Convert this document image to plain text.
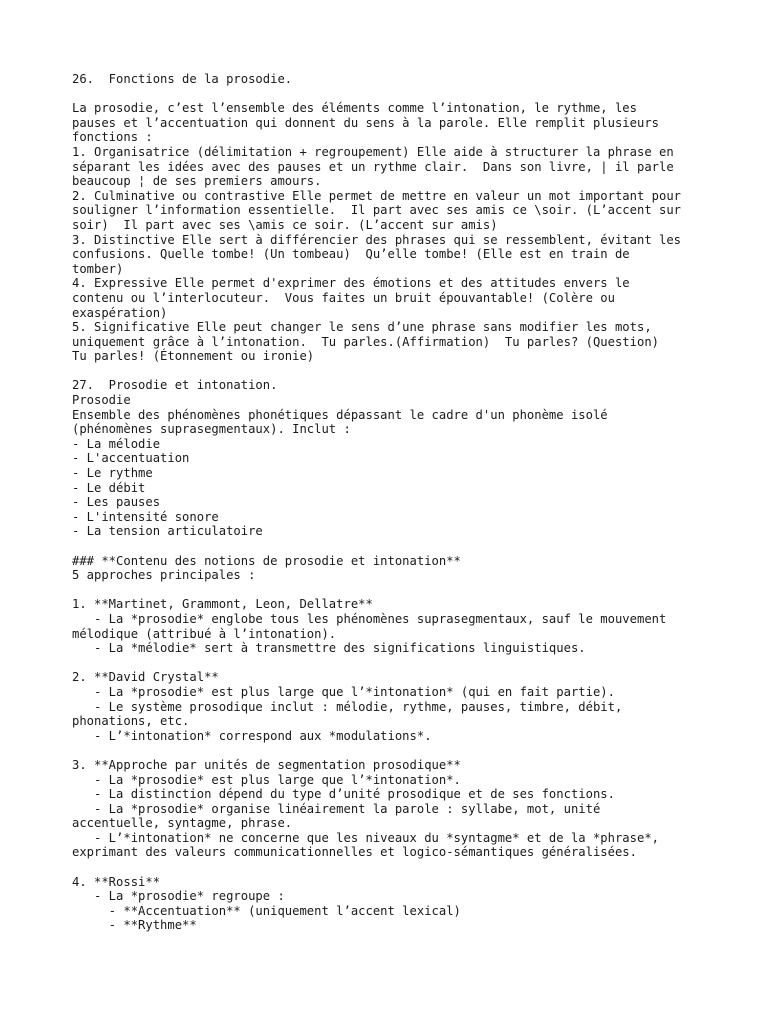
26.  Fonctions de la prosodie.
La prosodie, c’est l’ensemble des éléments comme l’intonation, le rythme, les
pauses et l’accentuation qui donnent du sens à la parole. Elle remplit plusieurs
fonctions :
1. Organisatrice (délimitation + regroupement) Elle aide à structurer la phrase en
séparant les idées avec des pauses et un rythme clair.  Dans son livre, | il parle
beaucoup ¦ de ses premiers amours.
2. Culminative ou contrastive Elle permet de mettre en valeur un mot important pour
souligner l’information essentielle.  Il part avec ses amis ce \soir. (L’accent sur
soir)  Il part avec ses \amis ce soir. (L’accent sur amis)
3. Distinctive Elle sert à différencier des phrases qui se ressemblent, évitant les
confusions. Quelle tombe! (Un tombeau)  Qu’elle tombe! (Elle est en train de
tomber)
4. Expressive Elle permet d'exprimer des émotions et des attitudes envers le
contenu ou l’interlocuteur.  Vous faites un bruit épouvantable! (Colère ou
exaspération)
5. Significative Elle peut changer le sens d’une phrase sans modifier les mots,
uniquement grâce à l’intonation.  Tu parles.(Affirmation)  Tu parles? (Question)
Tu parles! (Étonnement ou ironie)
27.  Prosodie et intonation.
Prosodie
Ensemble des phénomènes phonétiques dépassant le cadre d'un phonème isolé
(phénomènes suprasegmentaux). Inclut :
- La mélodie
- L'accentuation
- Le rythme
- Le débit
- Les pauses
- L'intensité sonore
- La tension articulatoire
### **Contenu des notions de prosodie et intonation**
5 approches principales :
1. **Martinet, Grammont, Leon, Dellatre**
- La *prosodie* englobe tous les phénomènes suprasegmentaux, sauf le mouvement
mélodique (attribué à l’intonation).
- La *mélodie* sert à transmettre des significations linguistiques.
2. **David Crystal**
- La *prosodie* est plus large que l’*intonation* (qui en fait partie).
- Le système prosodique inclut : mélodie, rythme, pauses, timbre, débit,
phonations, etc.
- L’*intonation* correspond aux *modulations*.
3. **Approche par unités de segmentation prosodique**
- La *prosodie* est plus large que l’*intonation*.
- La distinction dépend du type d’unité prosodique et de ses fonctions.
- La *prosodie* organise linéairement la parole : syllabe, mot, unité
accentuelle, syntagme, phrase.
- L’*intonation* ne concerne que les niveaux du *syntagme* et de la *phrase*,
exprimant des valeurs communicationnelles et logico-sémantiques généralisées.
4. **Rossi**
- La *prosodie* regroupe :
- **Accentuation** (uniquement l’accent lexical)
- **Rythme**
